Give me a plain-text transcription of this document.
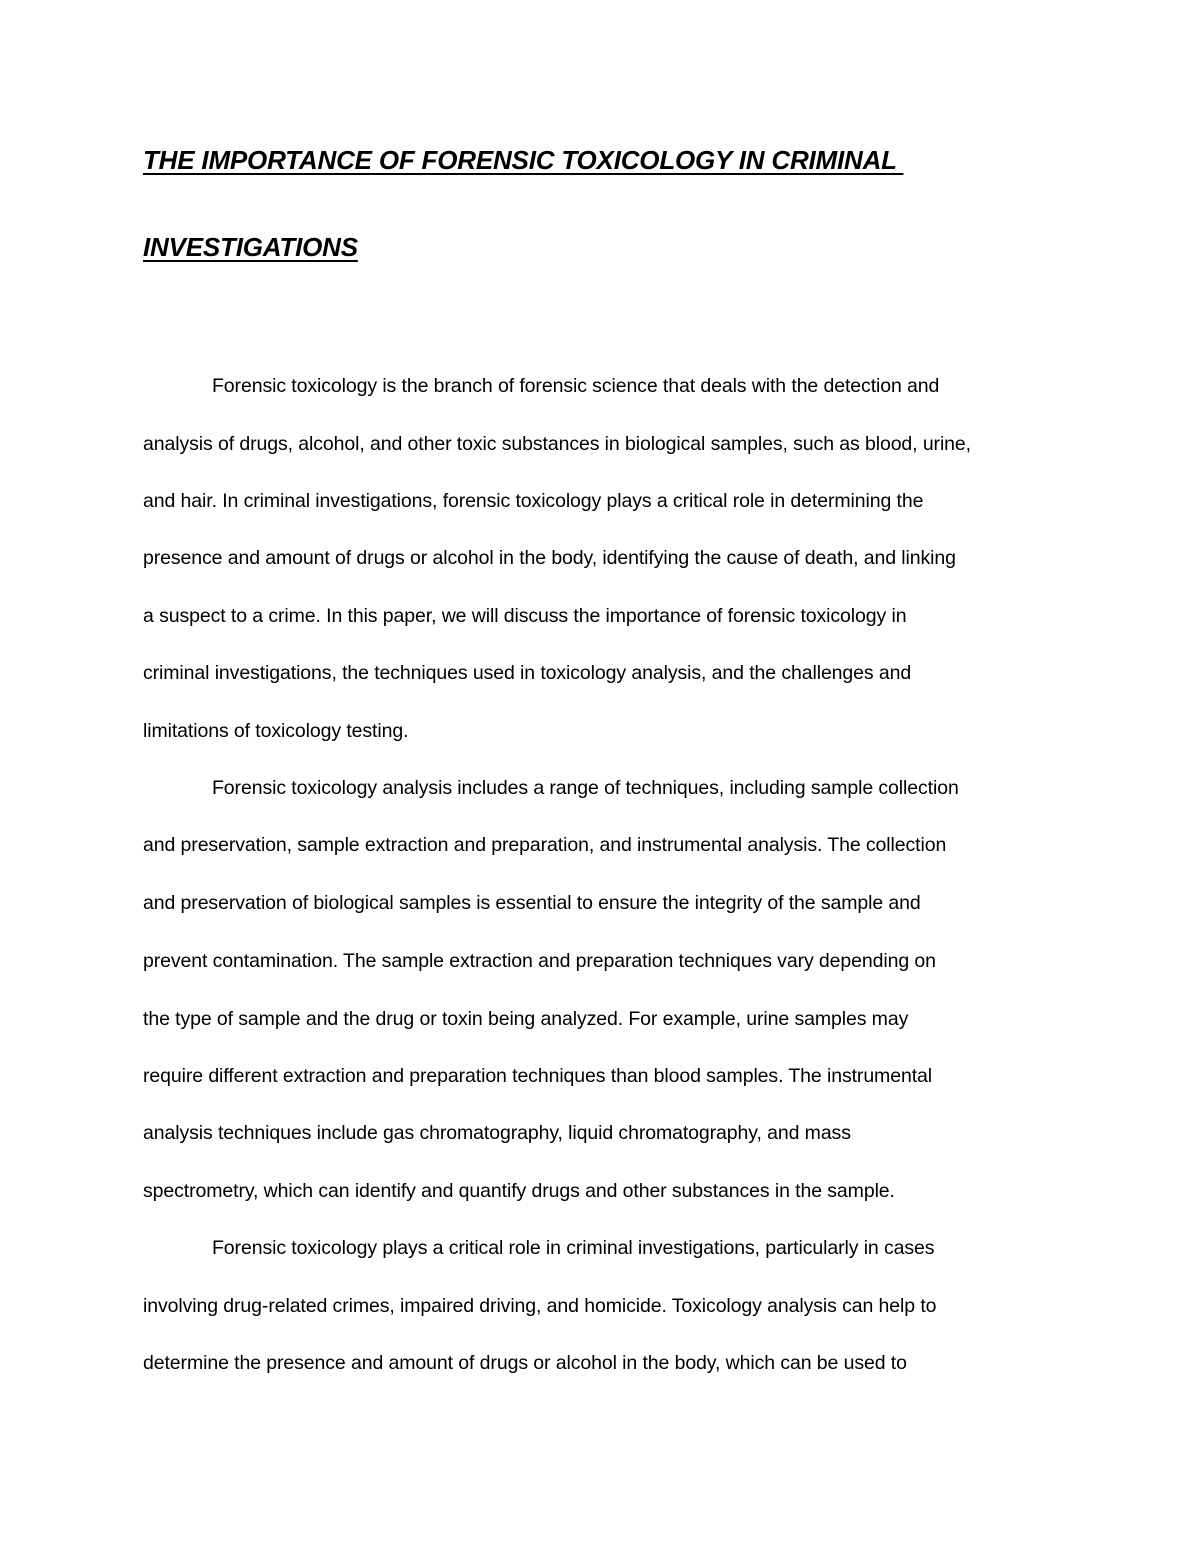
THE IMPORTANCE OF FORENSIC TOXICOLOGY IN CRIMINAL
INVESTIGATIONS
Forensic toxicology is the branch of forensic science that deals with the detection and
analysis of drugs, alcohol, and other toxic substances in biological samples, such as blood, urine,
and hair. In criminal investigations, forensic toxicology plays a critical role in determining the
presence and amount of drugs or alcohol in the body, identifying the cause of death, and linking
a suspect to a crime. In this paper, we will discuss the importance of forensic toxicology in
criminal investigations, the techniques used in toxicology analysis, and the challenges and
limitations of toxicology testing.
Forensic toxicology analysis includes a range of techniques, including sample collection
and preservation, sample extraction and preparation, and instrumental analysis. The collection
and preservation of biological samples is essential to ensure the integrity of the sample and
prevent contamination. The sample extraction and preparation techniques vary depending on
the type of sample and the drug or toxin being analyzed. For example, urine samples may
require different extraction and preparation techniques than blood samples. The instrumental
analysis techniques include gas chromatography, liquid chromatography, and mass
spectrometry, which can identify and quantify drugs and other substances in the sample.
Forensic toxicology plays a critical role in criminal investigations, particularly in cases
involving drug-related crimes, impaired driving, and homicide. Toxicology analysis can help to
determine the presence and amount of drugs or alcohol in the body, which can be used to
